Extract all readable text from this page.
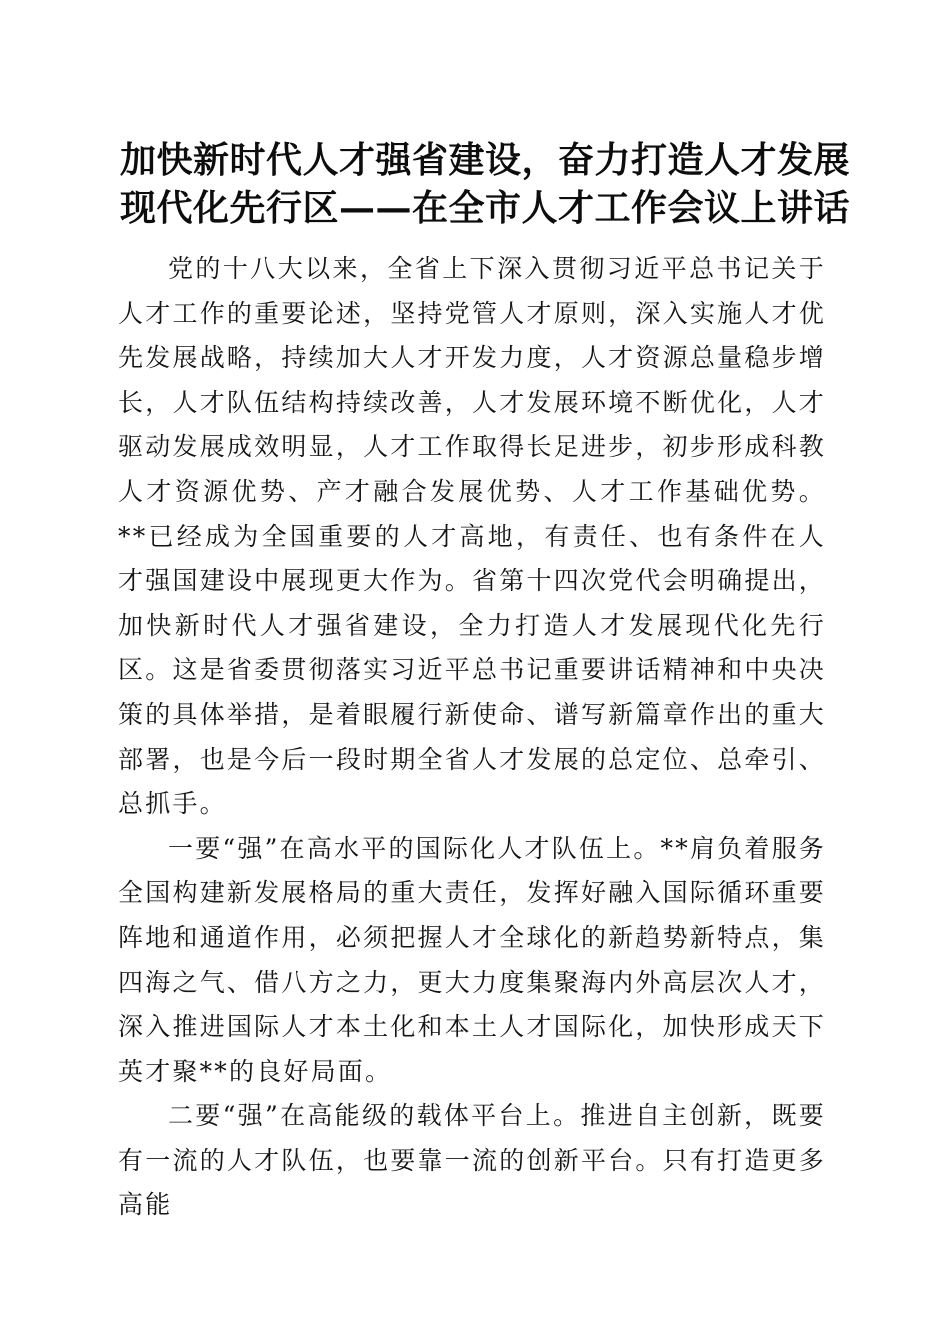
加快新时代人才强省建设，奋力打造人才发展
现代化先行区——在全市人才工作会议上讲话

党的十八大以来，全省上下深入贯彻习近平总书记关于人才工作的重要论述，坚持党管人才原则，深入实施人才优先发展战略，持续加大人才开发力度，人才资源总量稳步增长，人才队伍结构持续改善，人才发展环境不断优化，人才驱动发展成效明显，人才工作取得长足进步，初步形成科教人才资源优势、产才融合发展优势、人才工作基础优势。**已经成为全国重要的人才高地，有责任、也有条件在人才强国建设中展现更大作为。省第十四次党代会明确提出，加快新时代人才强省建设，全力打造人才发展现代化先行区。这是省委贯彻落实习近平总书记重要讲话精神和中央决策的具体举措，是着眼履行新使命、谱写新篇章作出的重大部署，也是今后一段时期全省人才发展的总定位、总牵引、总抓手。

一要“强”在高水平的国际化人才队伍上。**肩负着服务全国构建新发展格局的重大责任，发挥好融入国际循环重要阵地和通道作用，必须把握人才全球化的新趋势新特点，集四海之气、借八方之力，更大力度集聚海内外高层次人才，深入推进国际人才本土化和本土人才国际化，加快形成天下英才聚**的良好局面。

二要“强”在高能级的载体平台上。推进自主创新，既要有一流的人才队伍，也要靠一流的创新平台。只有打造更多高能
